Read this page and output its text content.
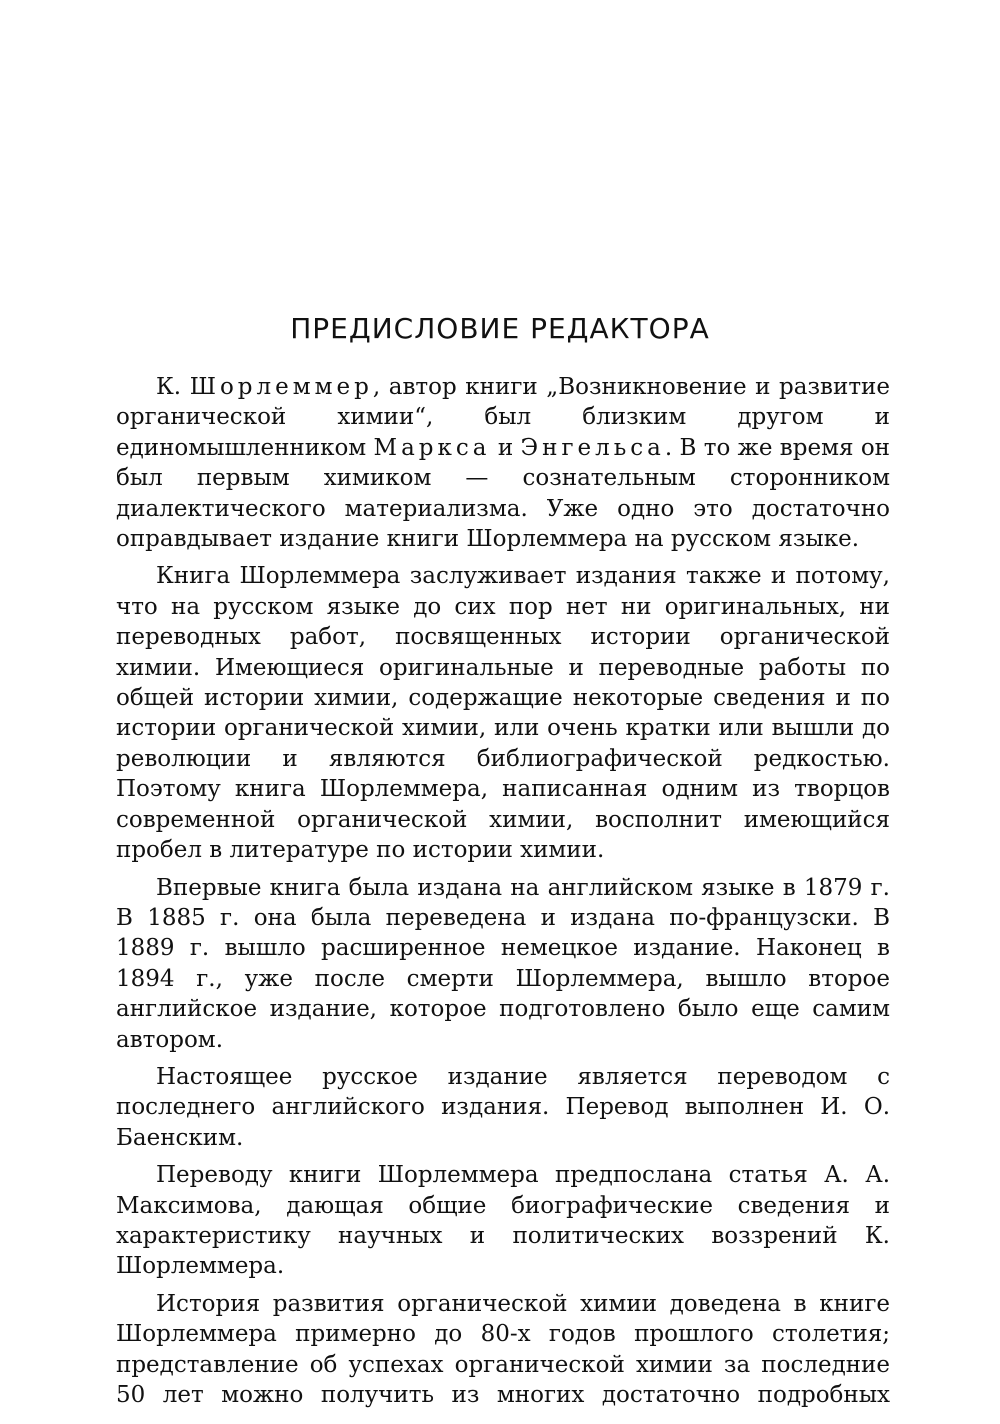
ПРЕДИСЛОВИЕ РЕДАКТОРА

К. Шорлеммер, автор книги „Возникновение и развитие органической химии“, был близким другом и единомышленником Маркса и Энгельса. В то же время он был первым химиком — сознательным сторонником диалектического материализма. Уже одно это достаточно оправдывает издание книги Шорлеммера на русском языке.

Книга Шорлеммера заслуживает издания также и потому, что на русском языке до сих пор нет ни оригинальных, ни переводных работ, посвященных истории органической химии. Имеющиеся оригинальные и переводные работы по общей истории химии, содержащие некоторые сведения и по истории органической химии, или очень кратки или вышли до революции и являются библиографической редкостью. Поэтому книга Шорлеммера, написанная одним из творцов современной органической химии, восполнит имеющийся пробел в литературе по истории химии.

Впервые книга была издана на английском языке в 1879 г. В 1885 г. она была переведена и издана по-французски. В 1889 г. вышло расширенное немецкое издание. Наконец в 1894 г., уже после смерти Шорлеммера, вышло второе английское издание, которое подготовлено было еще самим автором.

Настоящее русское издание является переводом с последнего английского издания. Перевод выполнен И. О. Баенским.

Переводу книги Шорлеммера предпослана статья А. А. Максимова, дающая общие биографические сведения и характеристику научных и политических воззрений К. Шорлеммера.

История развития органической химии доведена в книге Шорлеммера примерно до 80-х годов прошлого столетия; представление об успехах органической химии за последние 50 лет можно получить из многих достаточно подробных
